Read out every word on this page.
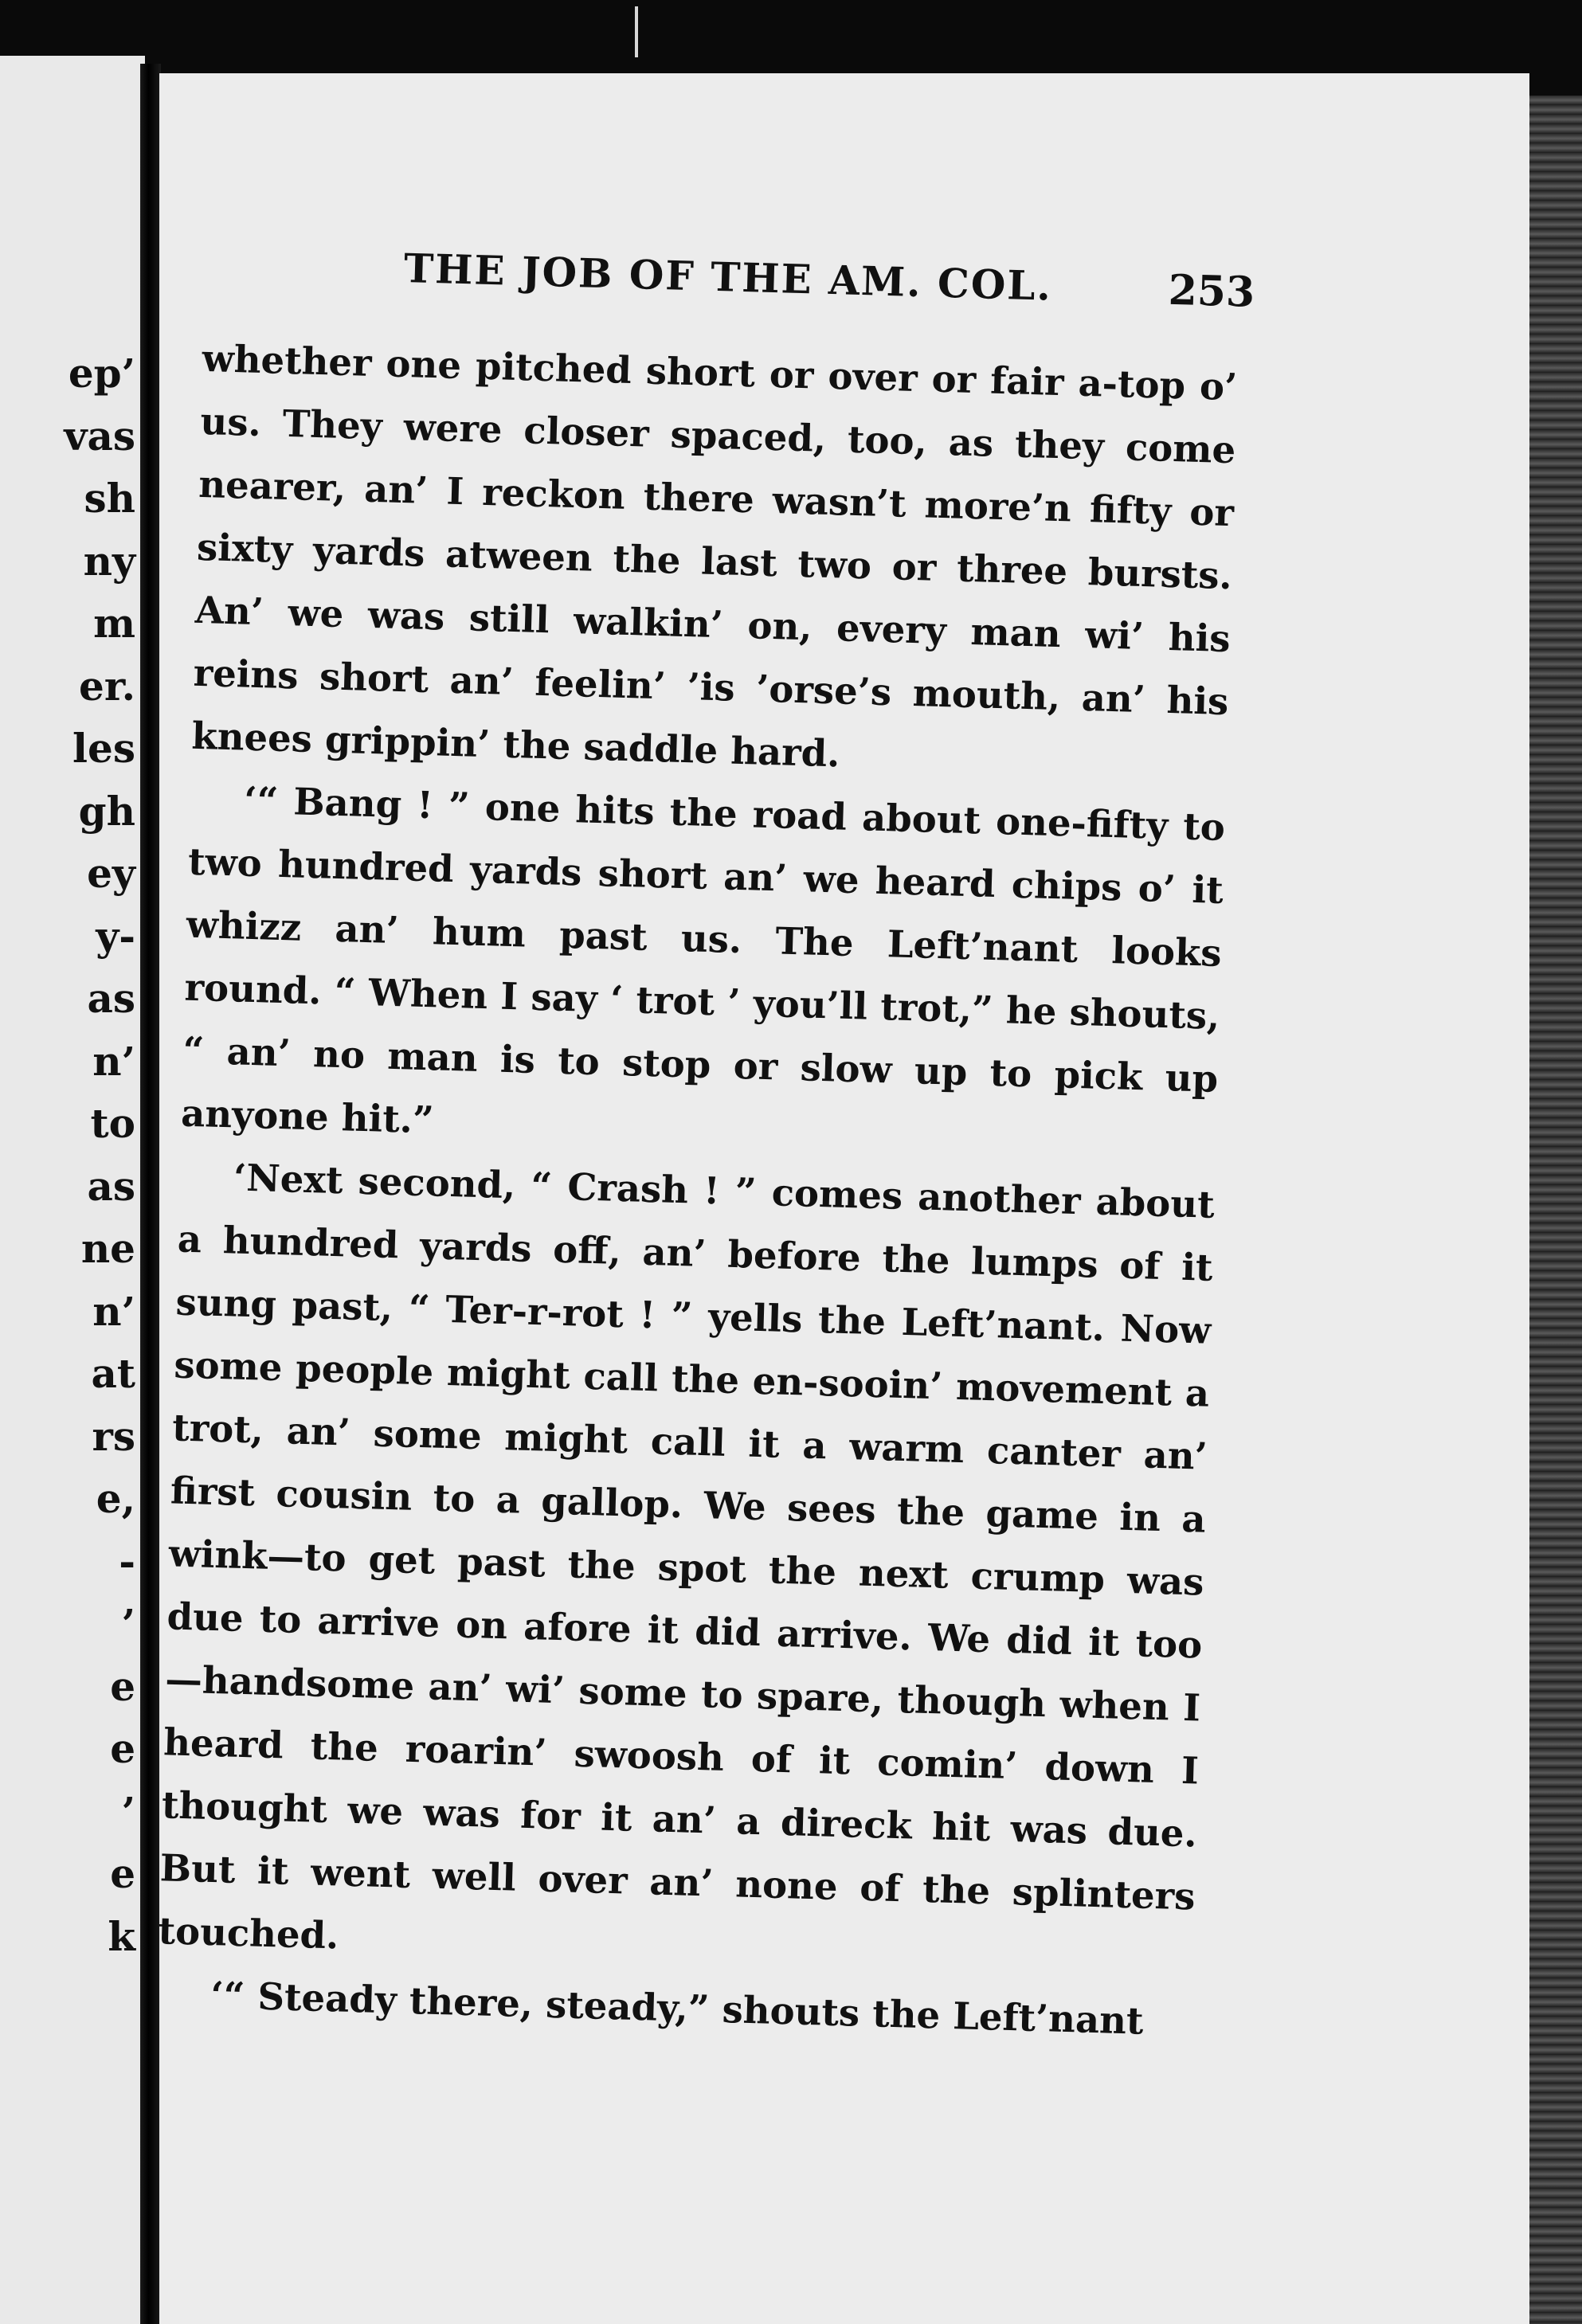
ep’
vas
sh
ny
m
er.
les
gh
ey
y-
as
n’
to
as
ne
n’
at
rs
e,
-
’
e
e
’
e
k
THE JOB OF THE AM. COL.	253

whether one pitched short or over or fair a-top o’ us. They were closer spaced, too, as they come nearer, an’ I reckon there wasn’t more’n fifty or sixty yards atween the last two or three bursts. An’ we was still walkin’ on, every man wi’ his reins short an’ feelin’ ’is ’orse’s mouth, an’ his knees grippin’ the saddle hard.

‘“ Bang ! ” one hits the road about one-fifty to two hundred yards short an’ we heard chips o’ it whizz an’ hum past us. The Left’nant looks round. “ When I say ‘ trot ’ you’ll trot,” he shouts, “ an’ no man is to stop or slow up to pick up anyone hit.”

‘Next second, “ Crash ! ” comes another about a hundred yards off, an’ before the lumps of it sung past, “ Ter-r-rot ! ” yells the Left’nant. Now some people might call the en-sooin’ movement a trot, an’ some might call it a warm canter an’ first cousin to a gallop. We sees the game in a wink—to get past the spot the next crump was due to arrive on afore it did arrive. We did it too—handsome an’ wi’ some to spare, though when I heard the roarin’ swoosh of it comin’ down I thought we was for it an’ a direck hit was due. But it went well over an’ none of the splinters touched.

‘“ Steady there, steady,” shouts the Left’nant
